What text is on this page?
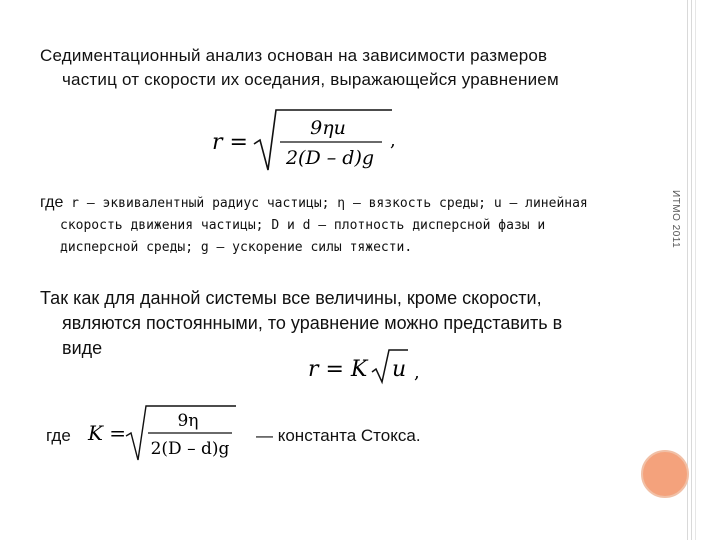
ИТМО 2011

Седиментационный анализ основан на зависимости размеров
частиц от скорости их оседания, выражающейся уравнением

r =
9ηu
2(D – d)g
,

где r — эквивалентный радиус частицы; η — вязкость среды; u — линейная
скорость движения частицы; D и d — плотность дисперсной фазы и
дисперсной среды; g — ускорение силы тяжести.

Так как для данной системы все величины, кроме скорости,
являются постоянными, то уравнение можно представить в
виде

r = K u ,
где K =	9η
2(D – d)g
— константа Стокса.
